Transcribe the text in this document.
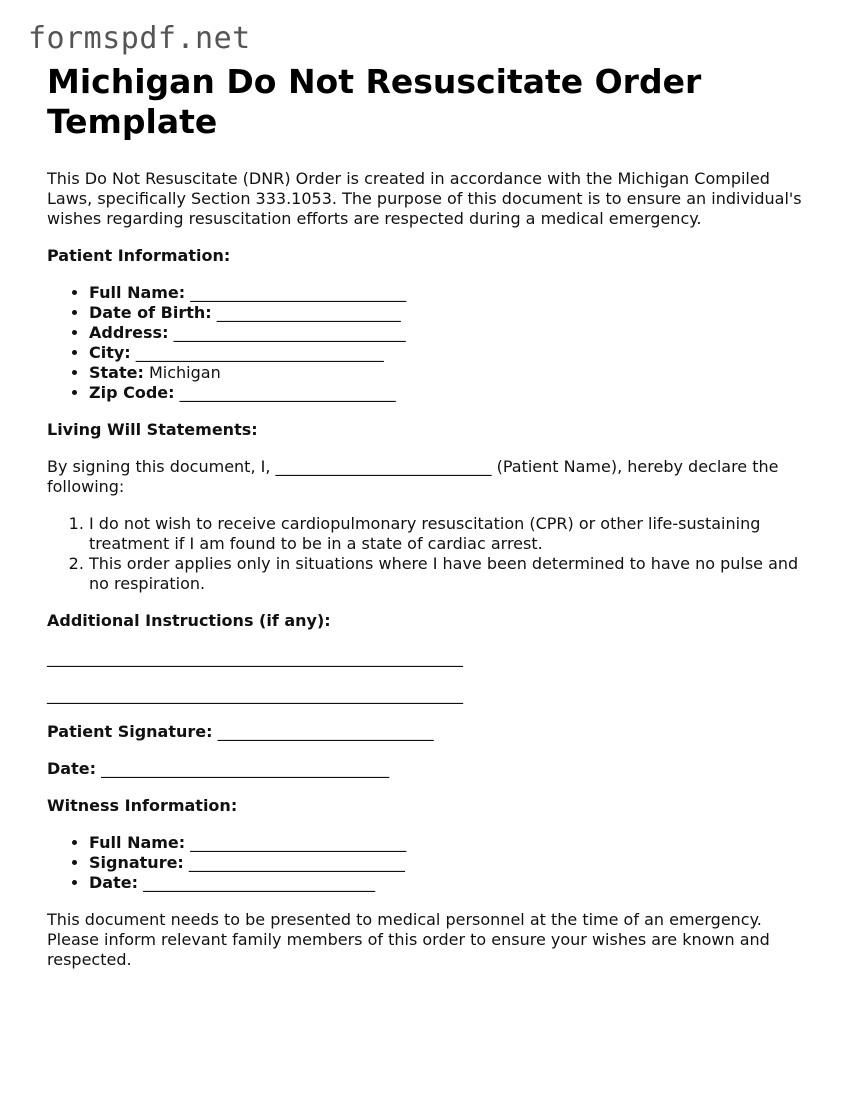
formspdf.net
Michigan Do Not Resuscitate Order Template

This Do Not Resuscitate (DNR) Order is created in accordance with the Michigan Compiled Laws, specifically Section 333.1053. The purpose of this document is to ensure an individual's wishes regarding resuscitation efforts are respected during a medical emergency.

Patient Information:

• Full Name: ___________________________
• Date of Birth: _______________________
• Address: _____________________________
• City: _______________________________
• State: Michigan
• Zip Code: ___________________________

Living Will Statements:

By signing this document, I, ___________________________ (Patient Name), hereby declare the following:

1. I do not wish to receive cardiopulmonary resuscitation (CPR) or other life-sustaining treatment if I am found to be in a state of cardiac arrest.
2. This order applies only in situations where I have been determined to have no pulse and no respiration.

Additional Instructions (if any):

____________________________________________________

____________________________________________________

Patient Signature: ___________________________

Date: ____________________________________

Witness Information:

• Full Name: ___________________________
• Signature: ___________________________
• Date: _____________________________

This document needs to be presented to medical personnel at the time of an emergency. Please inform relevant family members of this order to ensure your wishes are known and respected.
